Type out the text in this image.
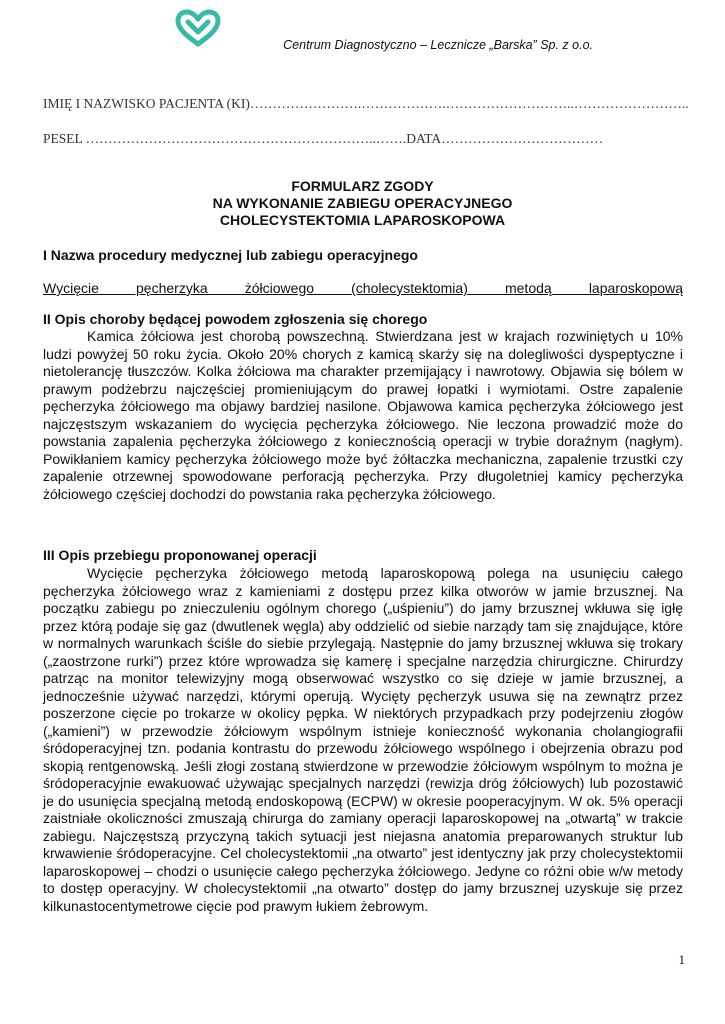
Centrum Diagnostyczno – Lecznicze „Barska” Sp. z o.o.
IMIĘ I NAZWISKO PACJENTA (KI)…………………….……………….………………………..……………………..
PESEL ………………………………………………………..…….DATA………………………………
FORMULARZ ZGODY
NA WYKONANIE ZABIEGU OPERACYJNEGO
CHOLECYSTEKTOMIA LAPAROSKOPOWA
I Nazwa procedury medycznej lub zabiegu operacyjnego
Wycięcie pęcherzyka żółciowego (cholecystektomia) metodą laparoskopową
II Opis choroby będącej powodem zgłoszenia się chorego
Kamica żółciowa jest chorobą powszechną. Stwierdzana jest w krajach rozwiniętych u 10% ludzi powyżej 50 roku życia. Około 20% chorych z kamicą skarży się na dolegliwości dyspeptyczne i nietolerancję tłuszczów. Kolka żółciowa ma charakter przemijający i nawrotowy. Objawia się bólem w prawym podżebrzu najczęściej promieniującym do prawej łopatki i wymiotami. Ostre zapalenie pęcherzyka żółciowego ma objawy bardziej nasilone. Objawowa kamica pęcherzyka żółciowego jest najczęstszym wskazaniem do wycięcia pęcherzyka żółciowego. Nie leczona prowadzić może do powstania zapalenia pęcherzyka żółciowego z koniecznością operacji w trybie doraźnym (nagłym). Powikłaniem kamicy pęcherzyka żółciowego może być żółtaczka mechaniczna, zapalenie trzustki czy zapalenie otrzewnej spowodowane perforacją pęcherzyka. Przy długoletniej kamicy pęcherzyka żółciowego częściej dochodzi do powstania raka pęcherzyka żółciowego.
III Opis przebiegu proponowanej operacji
Wycięcie pęcherzyka żółciowego metodą laparoskopową polega na usunięciu całego pęcherzyka żółciowego wraz z kamieniami z dostępu przez kilka otworów w jamie brzusznej. Na początku zabiegu po znieczuleniu ogólnym chorego („uśpieniu”) do jamy brzusznej wkłuwa się igłę przez którą podaje się gaz (dwutlenek węgla) aby oddzielić od siebie narządy tam się znajdujące, które w normalnych warunkach ściśle do siebie przylegają. Następnie do jamy brzusznej wkłuwa się trokary („zaostrzone rurki”) przez które wprowadza się kamerę i specjalne narzędzia chirurgiczne. Chirurdzy patrząc na monitor telewizyjny mogą obserwować wszystko co się dzieje w jamie brzusznej, a jednocześnie używać narzędzi, którymi operują. Wycięty pęcherzyk usuwa się na zewnątrz przez poszerzone cięcie po trokarze w okolicy pępka. W niektórych przypadkach przy podejrzeniu złogów („kamieni”) w przewodzie żółciowym wspólnym istnieje konieczność wykonania cholangiografii śródoperacyjnej tzn. podania kontrastu do przewodu żółciowego wspólnego i obejrzenia obrazu pod skopią rentgenowską. Jeśli złogi zostaną stwierdzone w przewodzie żółciowym wspólnym to można je śródoperacyjnie ewakuować używając specjalnych narzędzi (rewizja dróg żółciowych) lub pozostawić je do usunięcia specjalną metodą endoskopową (ECPW) w okresie pooperacyjnym. W ok. 5% operacji zaistniałe okoliczności zmuszają chirurga do zamiany operacji laparoskopowej na „otwartą” w trakcie zabiegu. Najczęstszą przyczyną takich sytuacji jest niejasna anatomia preparowanych struktur lub krwawienie śródoperacyjne. Cel cholecystektomii „na otwarto” jest identyczny jak przy cholecystektomii laparoskopowej – chodzi o usunięcie całego pęcherzyka żółciowego. Jedyne co różni obie w/w metody to dostęp operacyjny. W cholecystektomii „na otwarto” dostęp do jamy brzusznej uzyskuje się przez kilkunastocentymetrowe cięcie pod prawym łukiem żebrowym.
1
